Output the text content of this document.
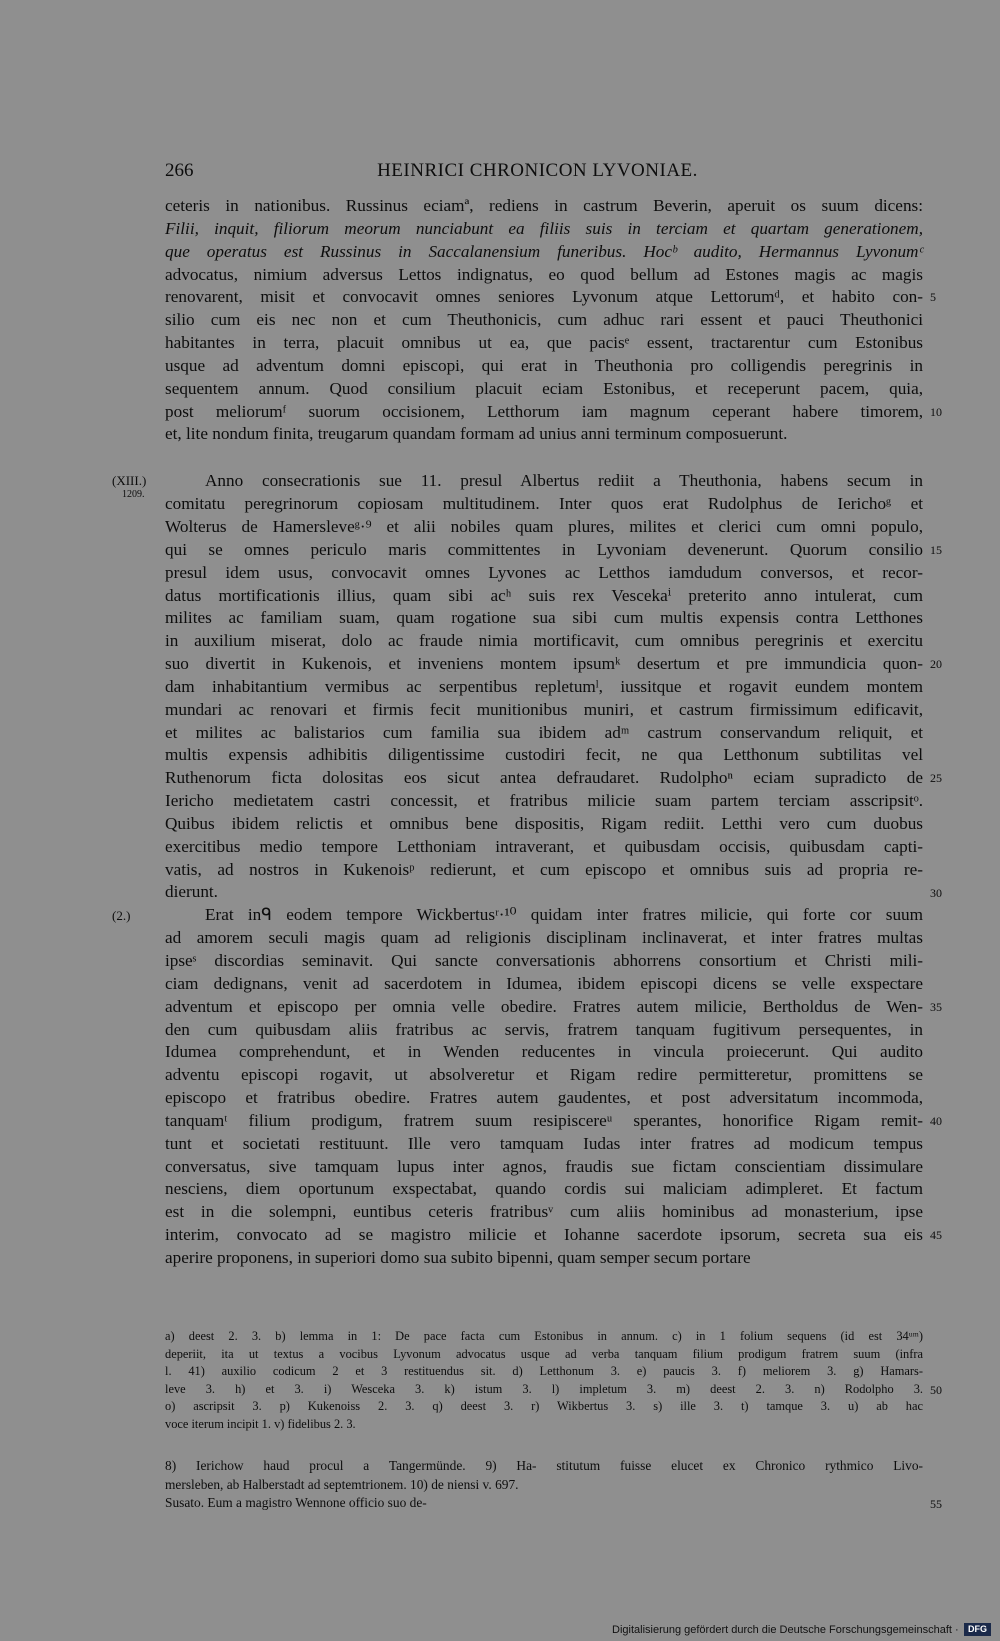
266	HEINRICI CHRONICON LYVONIAE.
ceteris in nationibus. Russinus eciamª, rediens in castrum Beverin, aperuit os suum dicens:
Filii, inquit, filiorum meorum nunciabunt ea filiis suis in terciam et quartam generationem,
que operatus est Russinus in Saccalanensium funeribus. Hocᵇ audito, Hermannus Lyvonumᶜ
advocatus, nimium adversus Lettos indignatus, eo quod bellum ad Estones magis ac magis
renovarent, misit et convocavit omnes seniores Lyvonum atque Lettorumᵈ, et habito con-
silio cum eis nec non et cum Theuthonicis, cum adhuc rari essent et pauci Theuthonici
habitantes in terra, placuit omnibus ut ea, que pacisᵉ essent, tractarentur cum Estonibus
usque ad adventum domni episcopi, qui erat in Theuthonia pro colligendis peregrinis in
sequentem annum. Quod consilium placuit eciam Estonibus, et receperunt pacem, quia,
post meliorumᶠ suorum occisionem, Letthorum iam magnum ceperant habere timorem,
et, lite nondum finita, treugarum quandam formam ad unius anni terminum composuerunt.
Anno consecrationis sue 11. presul Albertus rediit a Theuthonia, habens secum in
comitatu peregrinorum copiosam multitudinem. Inter quos erat Rudolphus de Ierichoᵍ et
Wolterus de Hamersleveᵍ·⁹ et alii nobiles quam plures, milites et clerici cum omni populo,
qui se omnes periculo maris committentes in Lyvoniam devenerunt. Quorum consilio
presul idem usus, convocavit omnes Lyvones ac Letthos iamdudum conversos, et recor-
datus mortificationis illius, quam sibi acʰ suis rex Vescekaⁱ preterito anno intulerat, cum
milites ac familiam suam, quam rogatione sua sibi cum multis expensis contra Letthones
in auxilium miserat, dolo ac fraude nimia mortificavit, cum omnibus peregrinis et exercitu
suo divertit in Kukenois, et inveniens montem ipsumᵏ desertum et pre immundicia quon-
dam inhabitantium vermibus ac serpentibus repletumˡ, iussitque et rogavit eundem montem
mundari ac renovari et firmis fecit munitionibus muniri, et castrum firmissimum edificavit,
et milites ac balistarios cum familia sua ibidem adᵐ castrum conservandum reliquit, et
multis expensis adhibitis diligentissime custodiri fecit, ne qua Letthonum subtilitas vel
Ruthenorum ficta dolositas eos sicut antea defraudaret. Rudolphoⁿ eciam supradicto de
Ierichο medietatem castri concessit, et fratribus milicie suam partem terciam asscripsitᵒ.
Quibus ibidem relictis et omnibus bene dispositis, Rigam rediit. Letthi vero cum duobus
exercitibus medio tempore Letthoniam intraverant, et quibusdam occisis, quibusdam capti-
vatis, ad nostros in Kukenoisᵖ redierunt, et cum episcopo et omnibus suis ad propria re-
dierunt.
Erat inᑫ eodem tempore Wickbertusʳ·¹⁰ quidam inter fratres milicie, qui forte cor suum
ad amorem seculi magis quam ad religionis disciplinam inclinaverat, et inter fratres multas
ipseˢ discordias seminavit. Qui sancte conversationis abhorrens consortium et Christi mili-
ciam dedignans, venit ad sacerdotem in Idumea, ibidem episcopi dicens se velle exspectare
adventum et episcopo per omnia velle obedire. Fratres autem milicie, Bertholdus de Wen-
den cum quibusdam aliis fratribus ac servis, fratrem tanquam fugitivum persequentes, in
Idumea comprehendunt, et in Wenden reducentes in vincula proiecerunt. Qui audito
adventu episcopi rogavit, ut absolveretur et Rigam redire permitteretur, promittens se
episcopo et fratribus obedire. Fratres autem gaudentes, et post adversitatum incommoda,
tanquamᵗ filium prodigum, fratrem suum resipiscereᵘ sperantes, honorifice Rigam remit-
tunt et societati restituunt. Ille vero tamquam Iudas inter fratres ad modicum tempus
conversatus, sive tamquam lupus inter agnos, fraudis sue fictam conscientiam dissimulare
nesciens, diem oportunum exspectabat, quando cordis sui maliciam adimpleret. Et factum
est in die solempni, euntibus ceteris fratribusᵛ cum aliis hominibus ad monasterium, ipse
interim, convocato ad se magistro milicie et Iohanne sacerdote ipsorum, secreta sua eis
aperire proponens, in superiori domo sua subito bipenni, quam semper secum portare
a) deest 2. 3. b) lemma in 1: De pace facta cum Estonibus in annum. c) in 1 folium sequens (id est 34ᵘᵐ)
deperiit, ita ut textus a vocibus Lyvonum advocatus usque ad verba tanquam filium prodigum fratrem suum (infra
l. 41) auxilio codicum 2 et 3 restituendus sit. d) Letthonum 3. e) paucis 3. f) meliorem 3. g) Hamars-
leve 3. h) et 3. i) Wesceka 3. k) istum 3. l) impletum 3. m) deest 2. 3. n) Rodolpho 3.
o) ascripsit 3. p) Kukenoiss 2. 3. q) deest 3. r) Wikbertus 3. s) ille 3. t) tamque 3. u) ab hac
voce iterum incipit 1. v) fidelibus 2. 3.
8) Ierichow haud procul a Tangermünde. 9) Ha- stitutum fuisse elucet ex Chronico rythmico Livo-
mersleben, ab Halberstadt ad septemtrionem. 10) de niensi v. 697.
Susato. Eum a magistro Wennone officio suo de-
Digitalisierung gefördert durch die Deutsche Forschungsgemeinschaft ·	DFG
5
10
(XIII.)
1209.
15
20
25
30
(2.)
35
40
45
50
55
